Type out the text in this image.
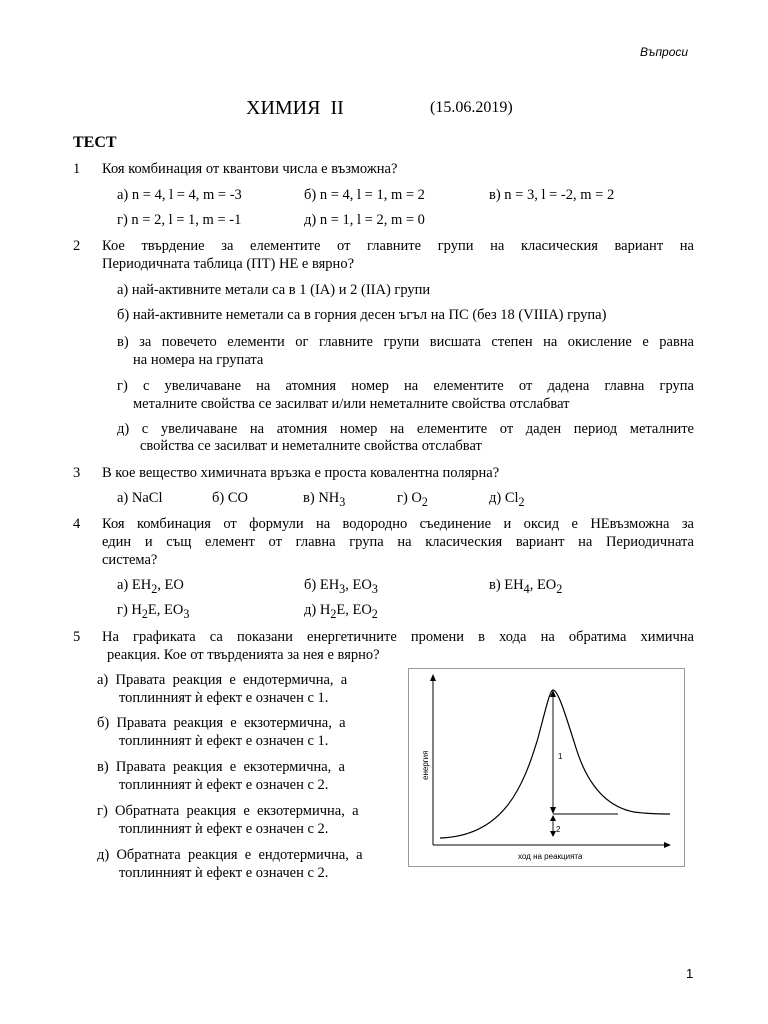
Въпроси
ХИМИЯ  II	(15.06.2019)
ТЕСТ
1 Коя комбинация от квантови числа е възможна?
а) n = 4, l = 4, m = -3	б) n = 4, l = 1, m = 2	в) n = 3, l = -2, m = 2
г) n = 2, l = 1, m = -1	д) n = 1, l = 2, m = 0
2 Кое твърдение за елементите от главните групи на класическия вариант на
Периодичната таблица (ПТ) НЕ е вярно?
а) най-активните метали са в 1 (IA) и 2 (IIA) групи
б) най-активните неметали са в горния десен ъгъл на ПС (без 18 (VIIIA) група)
в) за повечето елементи ог главните групи висшата степен на окисление е равна
на номера на групата
г) с увеличаване на атомния номер на елементите от дадена главна група
металните свойства се засилват и/или неметалните свойства отслабват
д) с увеличаване на атомния номер на елементите от даден период металните
свойства се засилват и неметалните свойства отслабват
3 В кое вещество химичната връзка е проста ковалентна полярна?
а) NaCl	б) CO	в) $NH_3$	г) $O_2$	д) $Cl_2$
4 Коя комбинация от формули на водородно съединение и оксид е НЕвъзможна за
един и същ елемент от главна група на класическия вариант на Периодичната
система?
а) $EH_2$, EO	б) $EH_3$, $EO_3$	в) $EH_4$, $EO_2$
г) $H_2E$, $EO_3$	д) $H_2E$, $EO_2$
5 На графиката са показани енергетичните промени в хода на обратима химична
реакция. Кое от твърденията за нея е вярно?
а)  Правата  реакция  е  ендотермична,  а
топлинният ѝ ефект е означен с 1.
б)  Правата  реакция  е  екзотермична,  а
топлинният ѝ ефект е означен с 1.
в)  Правата  реакция  е  екзотермична,  а
топлинният ѝ ефект е означен с 2.
г)  Обратната  реакция  е  екзотермична,  а
топлинният ѝ ефект е означен с 2.
д)  Обратната  реакция  е  ендотермична,  а
топлинният ѝ ефект е означен с 2.
1
2
ход на реакцията
енергия
1
